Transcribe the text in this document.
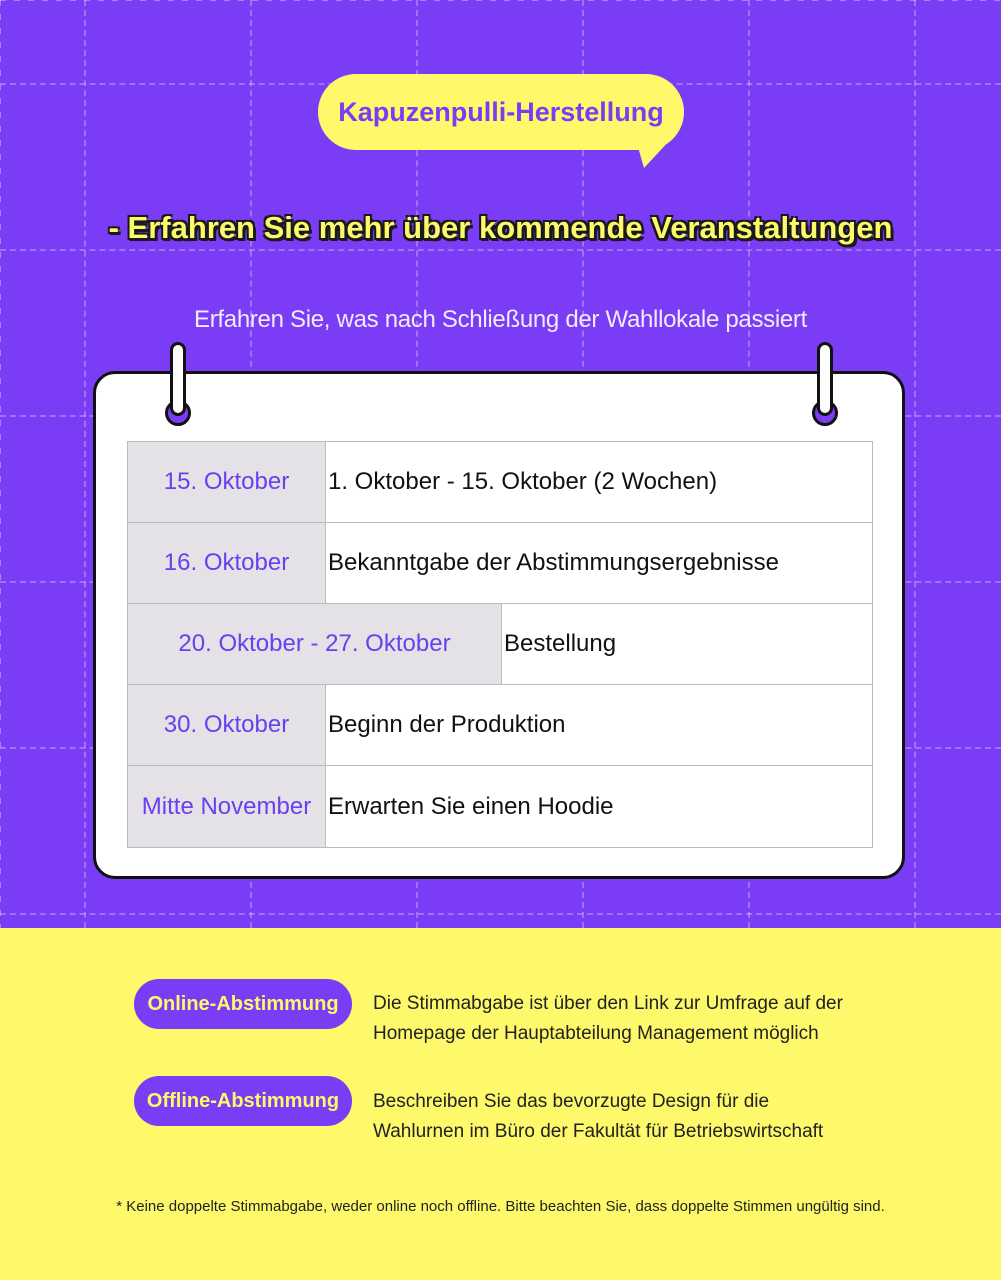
Kapuzenpulli-Herstellung
- Erfahren Sie mehr über kommende Veranstaltungen
Erfahren Sie, was nach Schließung der Wahllokale passiert
15. Oktober	1. Oktober - 15. Oktober (2 Wochen)
16. Oktober	Bekanntgabe der Abstimmungsergebnisse
20. Oktober - 27. Oktober	Bestellung
30. Oktober	Beginn der Produktion
Mitte November Erwarten Sie einen Hoodie
Online-Abstimmung Die Stimmabgabe ist über den Link zur Umfrage auf der
Homepage der Hauptabteilung Management möglich
Offline-Abstimmung Beschreiben Sie das bevorzugte Design für die
Wahlurnen im Büro der Fakultät für Betriebswirtschaft
* Keine doppelte Stimmabgabe, weder online noch offline. Bitte beachten Sie, dass doppelte Stimmen ungültig sind.
